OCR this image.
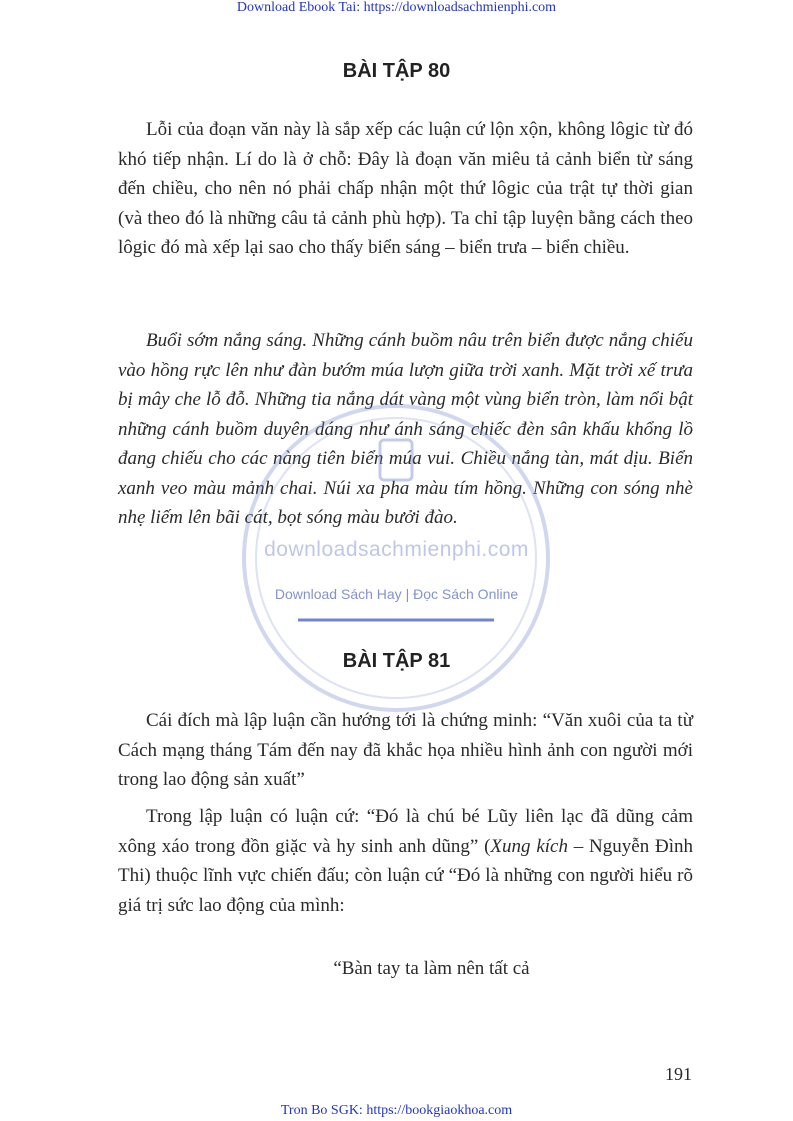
Download Ebook Tai: https://downloadsachmienphi.com
BÀI TẬP 80

Lỗi của đoạn văn này là sắp xếp các luận cứ lộn xộn, không lôgic từ đó khó tiếp nhận. Lí do là ở chỗ: Đây là đoạn văn miêu tả cảnh biển từ sáng đến chiều, cho nên nó phải chấp nhận một thứ lôgic của trật tự thời gian (và theo đó là những câu tả cảnh phù hợp). Ta chỉ tập luyện bằng cách theo lôgic đó mà xếp lại sao cho thấy biển sáng – biển trưa – biển chiều.

Buổi sớm nắng sáng. Những cánh buồm nâu trên biển được nắng chiếu vào hồng rực lên như đàn bướm múa lượn giữa trời xanh. Mặt trời xế trưa bị mây che lỗ đỗ. Những tia nắng dát vàng một vùng biển tròn, làm nổi bật những cánh buồm duyên dáng như ánh sáng chiếc đèn sân khấu khổng lồ đang chiếu cho các nàng tiên biển múa vui. Chiều nắng tàn, mát dịu. Biển xanh veo màu mảnh chai. Núi xa pha màu tím hồng. Những con sóng nhè nhẹ liếm lên bãi cát, bọt sóng màu bưởi đào.

downloadsachmienphi.com
Download Sách Hay | Đọc Sách Online
BÀI TẬP 81

Cái đích mà lập luận cần hướng tới là chứng minh: “Văn xuôi của ta từ Cách mạng tháng Tám đến nay đã khắc họa nhiều hình ảnh con người mới trong lao động sản xuất”

Trong lập luận có luận cứ: “Đó là chú bé Lũy liên lạc đã dũng cảm xông xáo trong đồn giặc và hy sinh anh dũng” (Xung kích – Nguyễn Đình Thi) thuộc lĩnh vực chiến đấu; còn luận cứ “Đó là những con người hiểu rõ giá trị sức lao động của mình:

“Bàn tay ta làm nên tất cả
191
Tron Bo SGK: https://bookgiaokhoa.com
